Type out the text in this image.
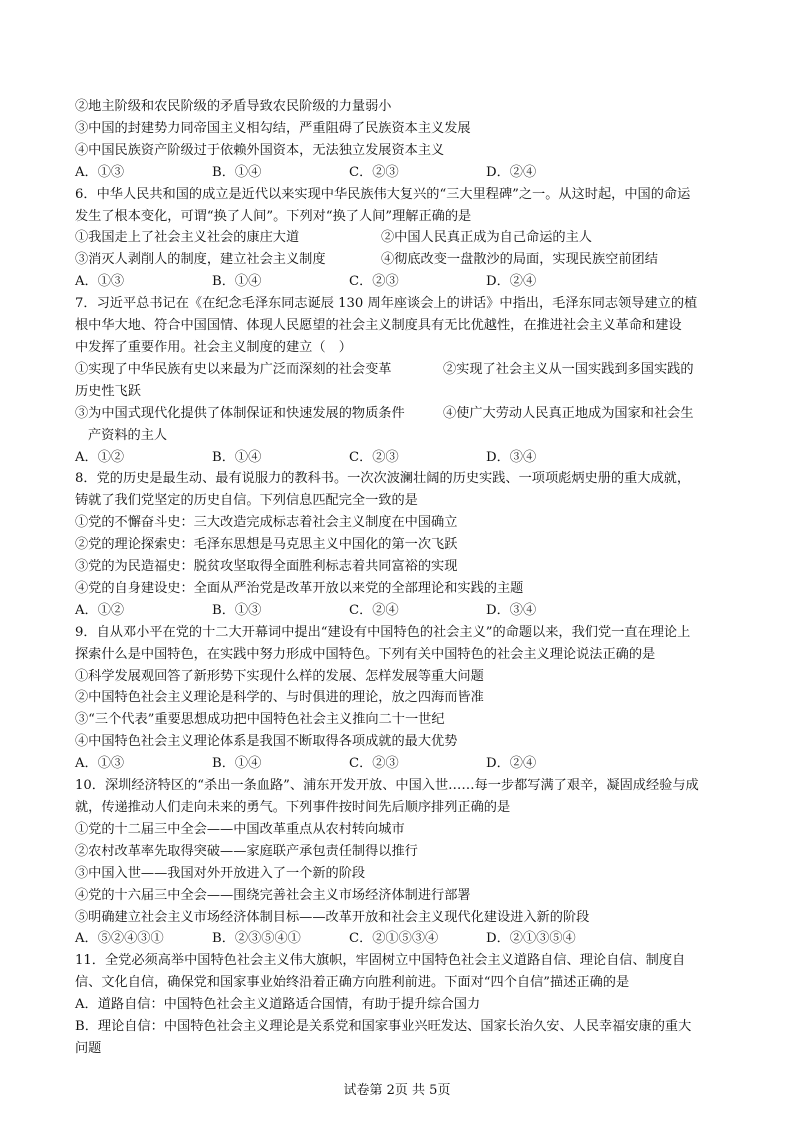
②地主阶级和农民阶级的矛盾导致农民阶级的力量弱小
③中国的封建势力同帝国主义相勾结，严重阻碍了民族资本主义发展
④中国民族资产阶级过于依赖外国资本，无法独立发展资本主义
A．①③	B．①④	C．②③	D．②④
6．中华人民共和国的成立是近代以来实现中华民族伟大复兴的“三大里程碑”之一。从这时起，中国的命运
发生了根本变化，可谓“换了人间”。下列对“换了人间”理解正确的是
①我国走上了社会主义社会的康庄大道	②中国人民真正成为自己命运的主人
③消灭人剥削人的制度，建立社会主义制度	④彻底改变一盘散沙的局面，实现民族空前团结
A．①③	B．①④	C．②③	D．②④
7．习近平总书记在《在纪念毛泽东同志诞辰 130 周年座谈会上的讲话》中指出，毛泽东同志领导建立的植
根中华大地、符合中国国情、体现人民愿望的社会主义制度具有无比优越性，在推进社会主义革命和建设
中发挥了重要作用。社会主义制度的建立（　）
①实现了中华民族有史以来最为广泛而深刻的社会变革	②实现了社会主义从一国实践到多国实践的
历史性飞跃
③为中国式现代化提供了体制保证和快速发展的物质条件	④使广大劳动人民真正地成为国家和社会生
产资料的主人
A．①②	B．①④	C．②③	D．③④
8．党的历史是最生动、最有说服力的教科书。一次次波澜壮阔的历史实践、一项项彪炳史册的重大成就，
铸就了我们党坚定的历史自信。下列信息匹配完全一致的是
①党的不懈奋斗史：三大改造完成标志着社会主义制度在中国确立
②党的理论探索史：毛泽东思想是马克思主义中国化的第一次飞跃
③党的为民造福史：脱贫攻坚取得全面胜利标志着共同富裕的实现
④党的自身建设史：全面从严治党是改革开放以来党的全部理论和实践的主题
A．①②	B．①③	C．②④	D．③④
9．自从邓小平在党的十二大开幕词中提出“建设有中国特色的社会主义”的命题以来，我们党一直在理论上
探索什么是中国特色，在实践中努力形成中国特色。下列有关中国特色的社会主义理论说法正确的是
①科学发展观回答了新形势下实现什么样的发展、怎样发展等重大问题
②中国特色社会主义理论是科学的、与时俱进的理论，放之四海而皆准
③“三个代表”重要思想成功把中国特色社会主义推向二十一世纪
④中国特色社会主义理论体系是我国不断取得各项成就的最大优势
A．①③	B．①④	C．②③	D．②④
10．深圳经济特区的“杀出一条血路”、浦东开发开放、中国入世……每一步都写满了艰辛，凝固成经验与成
就，传递推动人们走向未来的勇气。下列事件按时间先后顺序排列正确的是
①党的十二届三中全会——中国改革重点从农村转向城市
②农村改革率先取得突破——家庭联产承包责任制得以推行
③中国入世——我国对外开放进入了一个新的阶段
④党的十六届三中全会——围绕完善社会主义市场经济体制进行部署
⑤明确建立社会主义市场经济体制目标——改革开放和社会主义现代化建设进入新的阶段
A．⑤②④③①	B．②③⑤④①	C．②①⑤③④	D．②①③⑤④
11．全党必须高举中国特色社会主义伟大旗帜，牢固树立中国特色社会主义道路自信、理论自信、制度自
信、文化自信，确保党和国家事业始终沿着正确方向胜利前进。下面对“四个自信”描述正确的是
A．道路自信：中国特色社会主义道路适合国情，有助于提升综合国力
B．理论自信：中国特色社会主义理论是关系党和国家事业兴旺发达、国家长治久安、人民幸福安康的重大
问题
试卷第 2页 共 5页
